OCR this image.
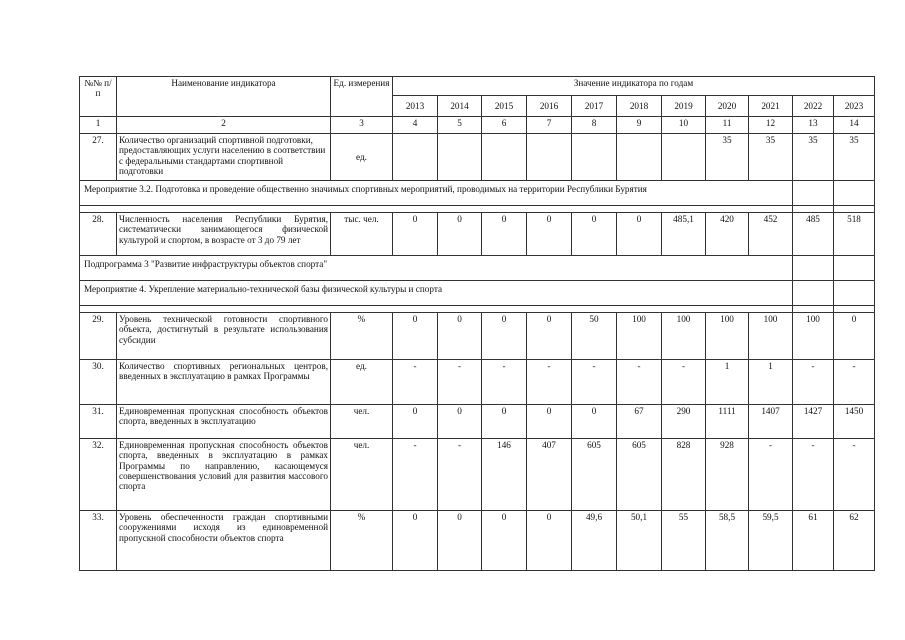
№№ п/п	Наименование индикатора	Ед. измерения	Значение индикатора по годам										
			2013	2014	2015	2016	2017	2018	2019	2020	2021	2022	2023
1	2	3	4	5	6	7	8	9	10	11	12	13	14
27.	Количество организаций спортивной подготовки, предоставляющих услуги населению в соответствии с федеральными стандартами спортивной подготовки	ед.								35	35	35	35
Мероприятие 3.2. Подготовка и проведение общественно значимых спортивных мероприятий, проводимых на территории Республики Бурятия													

28.	Численность населения Республики Бурятия, систематически занимающегося физической культурой и спортом, в возрасте от 3 до 79 лет	тыс. чел.	0	0	0	0	0	0	485,1	420	452	485	518
Подпрограмма 3 "Развитие инфраструктуры объектов спорта"													
Мероприятие 4. Укрепление материально-технической базы физической культуры и спорта													

29.	Уровень технической готовности спортивного объекта, достигнутый в результате использования субсидии	%	0	0	0	0	50	100	100	100	100	100	0
30.	Количество спортивных региональных центров, введенных в эксплуатацию в рамках Программы	ед.	-	-	-	-	-	-	-	1	1	-	-
31.	Единовременная пропускная способность объектов спорта, введенных в эксплуатацию	чел.	0	0	0	0	0	67	290	1111	1407	1427	1450
32.	Единовременная пропускная способность объектов спорта, введенных в эксплуатацию в рамках Программы по направлению, касающемуся совершенствования условий для развития массового спорта	чел.	-	-	146	407	605	605	828	928	-	-	-
33.	Уровень обеспеченности граждан спортивными сооружениями исходя из единовременной пропускной способности объектов спорта	%	0	0	0	0	49,6	50,1	55	58,5	59,5	61	62
